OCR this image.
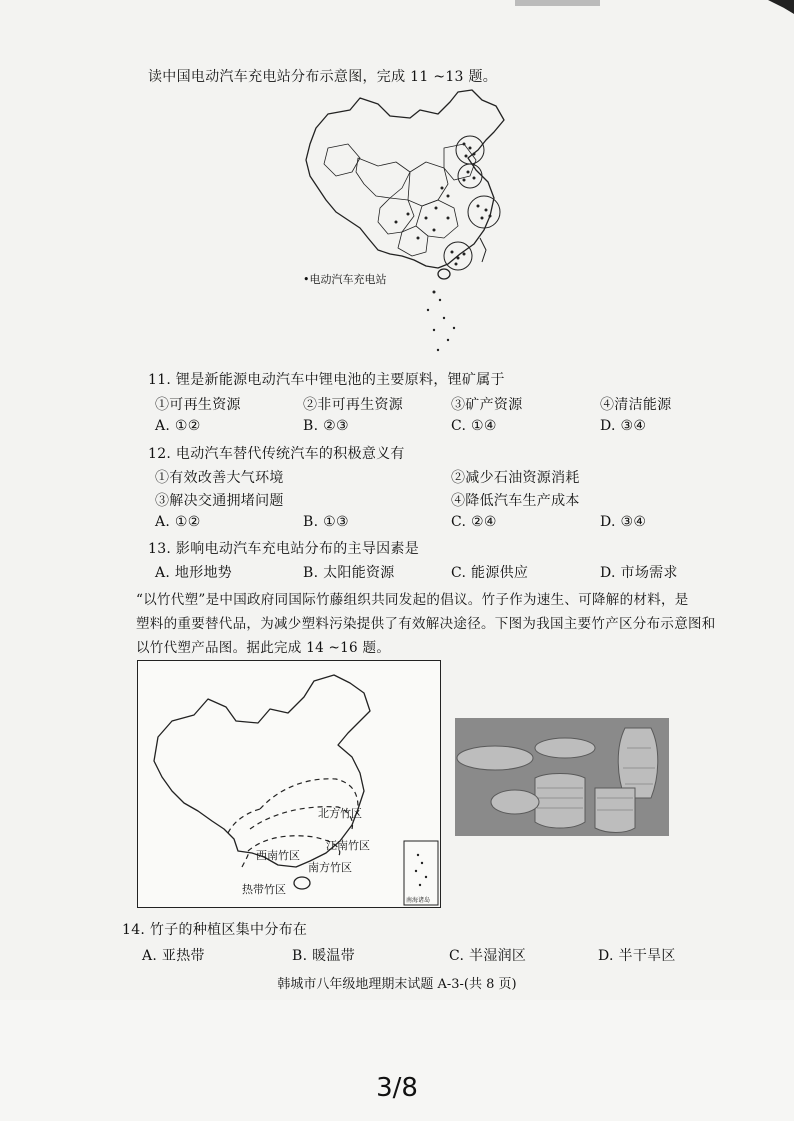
读中国电动汽车充电站分布示意图，完成 11 ~13 题。
•电动汽车充电站
11. 锂是新能源电动汽车中锂电池的主要原料，锂矿属于
①可再生资源	②非可再生资源	③矿产资源	④清洁能源
A. ①②	B. ②③	C. ①④	D. ③④
12. 电动汽车替代传统汽车的积极意义有
①有效改善大气环境	②减少石油资源消耗
③解决交通拥堵问题	④降低汽车生产成本
A. ①②	B. ①③	C. ②④	D. ③④
13. 影响电动汽车充电站分布的主导因素是
A. 地形地势	B. 太阳能资源	C. 能源供应	D. 市场需求
“以竹代塑”是中国政府同国际竹藤组织共同发起的倡议。竹子作为速生、可降解的材料，是
塑料的重要替代品，为减少塑料污染提供了有效解决途径。下图为我国主要竹产区分布示意图和
以竹代塑产品图。据此完成 14 ~16 题。
北方竹区
江南竹区
西南竹区
南方竹区
热带竹区
南海诸岛
14. 竹子的种植区集中分布在
A. 亚热带	B. 暖温带	C. 半湿润区	D. 半干旱区
韩城市八年级地理期末试题 A-3-(共 8 页)
3/8
